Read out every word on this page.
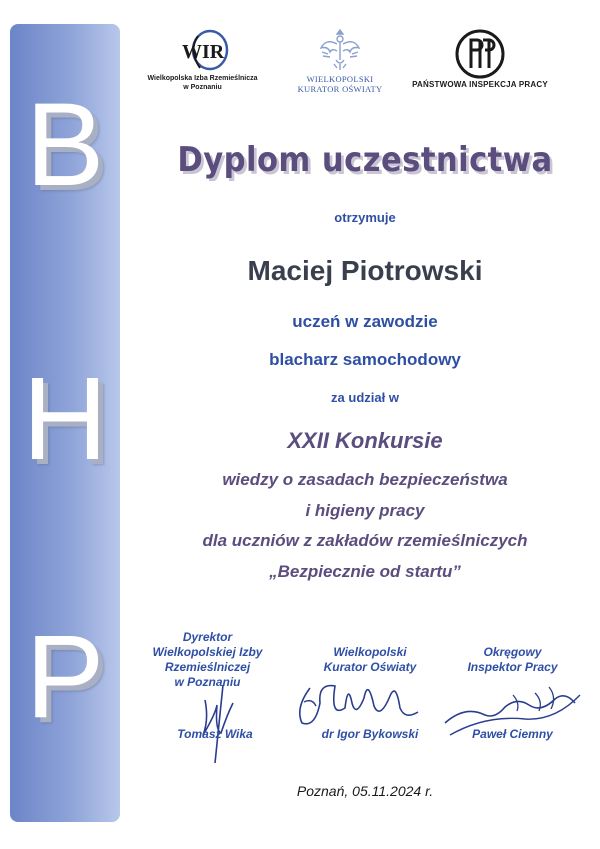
B
H
P
WIR
Wielkopolska Izba Rzemieślnicza
w Poznaniu
WIELKOPOLSKI
KURATOR OŚWIATY	PAŃSTWOWA INSPEKCJA PRACY
Dyplom uczestnictwa
otrzymuje
Maciej Piotrowski
uczeń w zawodzie
blacharz samochodowy
za udział w
XXII Konkursie
wiedzy o zasadach bezpieczeństwa
i higieny pracy
dla uczniów z zakładów rzemieślniczych
„Bezpiecznie od startu”
Dyrektor
Wielkopolskiej Izby
Rzemieślniczej
w Poznaniu
Wielkopolski
Kurator Oświaty
Okręgowy
Inspektor Pracy
Tomasz Wika	dr Igor Bykowski	Paweł Ciemny
Poznań, 05.11.2024 r.
